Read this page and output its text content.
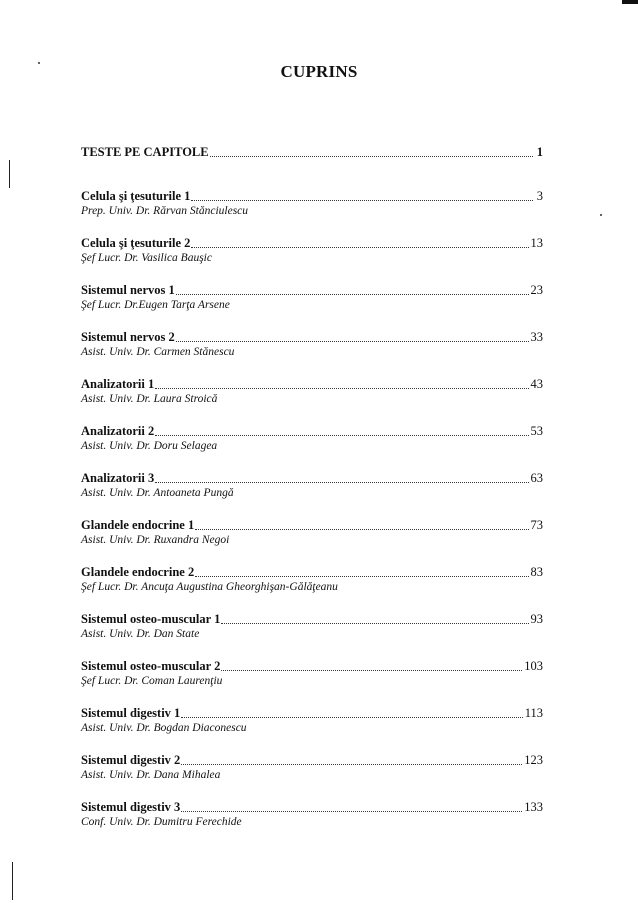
CUPRINS
TESTE PE CAPITOLE	1
Celula şi ţesuturile 1	3
Prep. Univ. Dr. Rărvan Stănciulescu
Celula şi ţesuturile 2	13
Şef Lucr. Dr. Vasilica Bauşic
Sistemul nervos 1	23
Şef Lucr. Dr.Eugen Tarţa Arsene
Sistemul nervos 2	33
Asist. Univ. Dr. Carmen Stănescu
Analizatorii 1	43
Asist. Univ. Dr. Laura Stroică
Analizatorii 2	53
Asist. Univ. Dr. Doru Selagea
Analizatorii 3	63
Asist. Univ. Dr. Antoaneta Pungă
Glandele endocrine 1	73
Asist. Univ. Dr. Ruxandra Negoi
Glandele endocrine 2	83
Şef Lucr. Dr. Ancuţa Augustina Gheorghişan-Gălăţeanu
Sistemul osteo-muscular 1	93
Asist. Univ. Dr. Dan State
Sistemul osteo-muscular 2	103
Şef Lucr. Dr. Coman Laurenţiu
Sistemul digestiv 1	113
Asist. Univ. Dr. Bogdan Diaconescu
Sistemul digestiv 2	123
Asist. Univ. Dr. Dana Mihalea
Sistemul digestiv 3	133
Conf. Univ. Dr. Dumitru Ferechide
